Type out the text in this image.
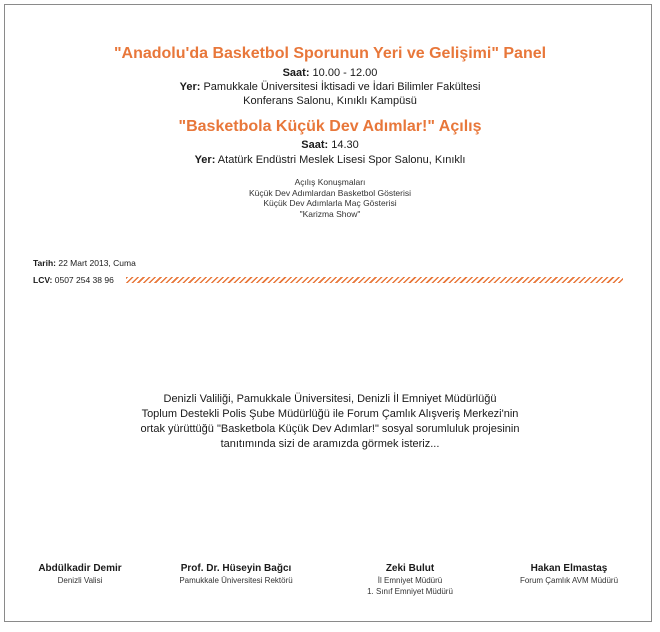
"Anadolu'da Basketbol Sporunun Yeri ve Gelişimi" Panel
Saat: 10.00 - 12.00
Yer: Pamukkale Üniversitesi İktisadi ve İdari Bilimler Fakültesi
Konferans Salonu, Kınıklı Kampüsü
"Basketbola Küçük Dev Adımlar!" Açılış
Saat: 14.30
Yer: Atatürk Endüstri Meslek Lisesi Spor Salonu, Kınıklı
Açılış Konuşmaları
Küçük Dev Adımlardan Basketbol Gösterisi
Küçük Dev Adımlarla Maç Gösterisi
"Karizma Show"
Tarih: 22 Mart 2013, Cuma
LCV: 0507 254 38 96
Denizli Valiliği, Pamukkale Üniversitesi, Denizli İl Emniyet Müdürlüğü
Toplum Destekli Polis Şube Müdürlüğü ile Forum Çamlık Alışveriş Merkezi'nin
ortak yürüttüğü "Basketbola Küçük Dev Adımlar!" sosyal sorumluluk projesinin
tanıtımında sizi de aramızda görmek isteriz...
Abdülkadir Demir
Denizli Valisi
Prof. Dr. Hüseyin Bağcı
Pamukkale Üniversitesi Rektörü
Zeki Bulut
İl Emniyet Müdürü
1. Sınıf Emniyet Müdürü
Hakan Elmastaş
Forum Çamlık AVM Müdürü
